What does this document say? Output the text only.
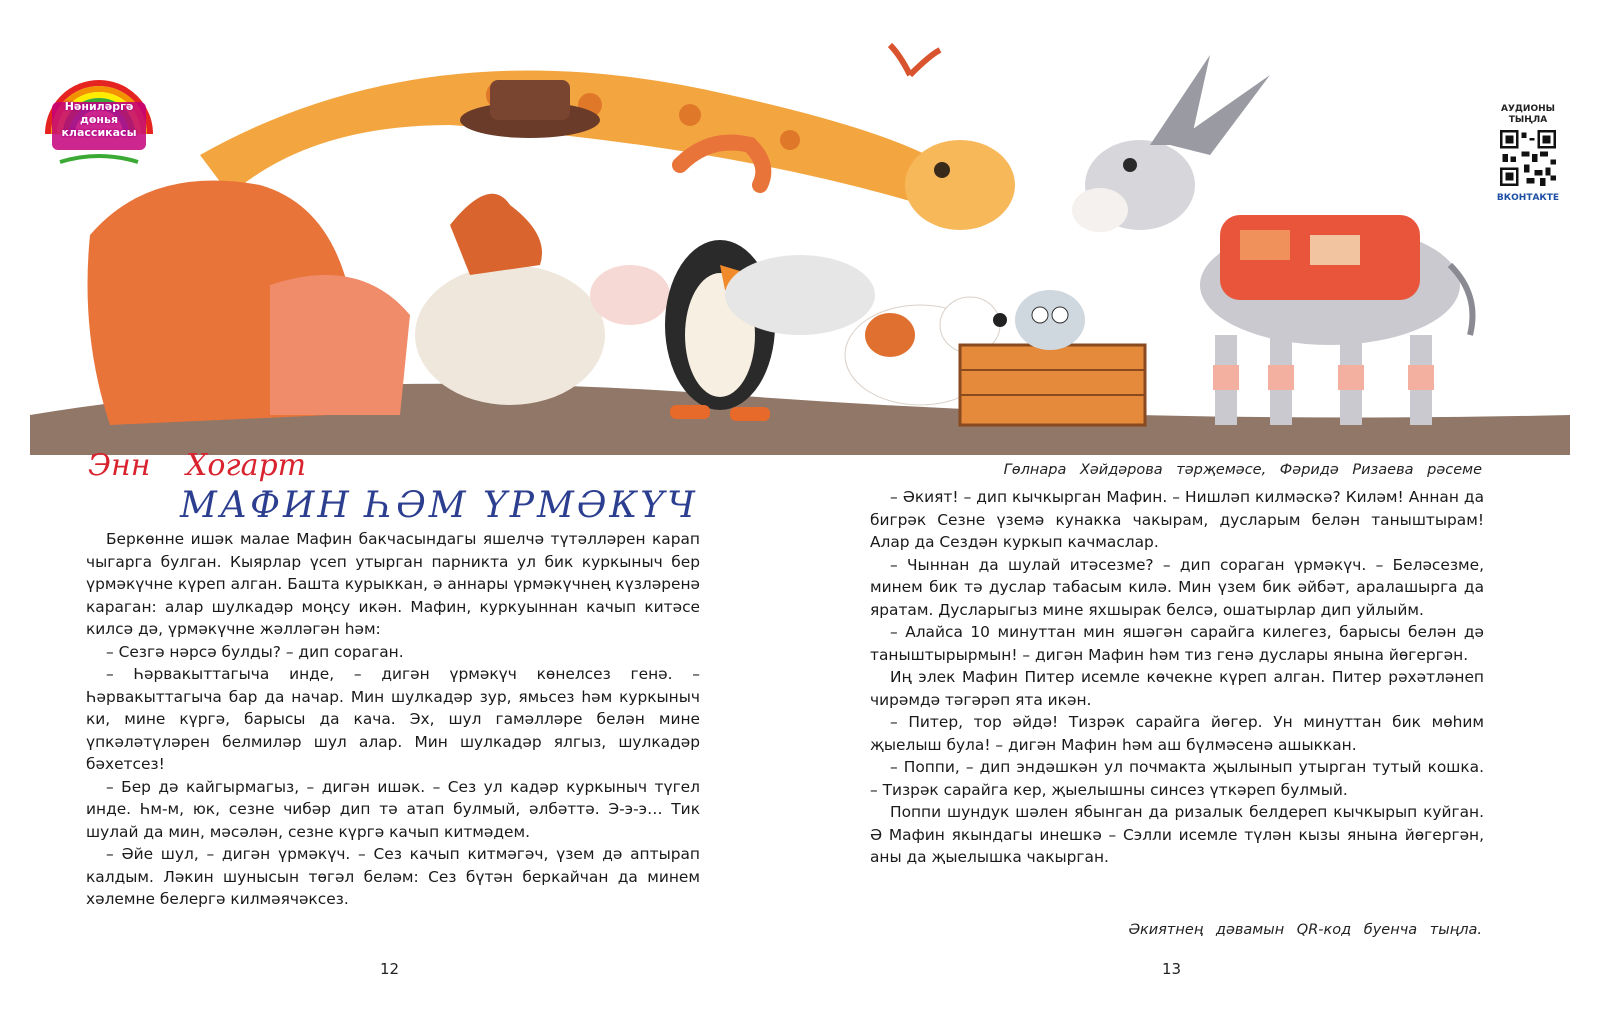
Нәниләргә
дөнья
классикасы
АУДИОНЫ
ТЫҢЛА
ВКОНТАКТЕ
Энн Хогарт	Гөлнара Хәйдәрова тәрҗемәсе, Фәридә Ризаева рәсеме
МАФИН ҺӘМ ҮРМӘКҮЧ

Беркөнне ишәк малае Мафин бакчасындагы яшелчә түтәлләрен карап чыгарга булган. Кыярлар үсеп утырган парникта ул бик куркыныч бер үрмәкүчне күреп алган. Башта курыккан, ә аннары үрмәкүчнең күзләренә караган: алар шулкадәр моңсу икән. Мафин, куркуыннан качып китәсе килсә дә, үрмәкүчне жәлләгән һәм:

– Сезгә нәрсә булды? – дип сораган.

– Һәрвакыттагыча инде, – дигән үрмәкүч көнелсез генә. – Һәрвакыттагыча бар да начар. Мин шулкадәр зур, ямьсез һәм куркыныч ки, мине күргә, барысы да кача. Эх, шул гамәлләре белән мине үпкәләтүләрен белмиләр шул алар. Мин шулкадәр ялгыз, шулкадәр бәхетсез!

– Бер дә кайгырмагыз, – дигән ишәк. – Сез ул кадәр куркыныч түгел инде. Һм-м, юк, сезне чибәр дип тә атап булмый, әлбәттә. Э-э-э… Тик шулай да мин, мәсәлән, сезне күргә качып китмәдем.

– Әйе шул, – дигән үрмәкүч. – Сез качып китмәгәч, үзем дә аптырап калдым. Ләкин шунысын төгәл беләм: Сез бүтән беркайчан да минем хәлемне белергә килмәячәксез.

– Әкият! – дип кычкырган Мафин. – Нишләп килмәскә? Киләм! Аннан да бигрәк Сезне үземә кунакка чакырам, дусларым белән таныштырам! Алар да Сездән куркып качмаслар.

– Чыннан да шулай итәсезме? – дип сораган үрмәкүч. – Беләсезме, минем бик тә дуслар табасым килә. Мин үзем бик әйбәт, аралашырга да яратам. Дусларыгыз мине яхшырак белсә, ошатырлар дип уйлыйм.

– Алайса 10 минуттан мин яшәгән сарайга килегез, барысы белән дә таныштырырмын! – дигән Мафин һәм тиз генә дуслары янына йөгергән.

Иң элек Мафин Питер исемле көчекне күреп алган. Питер рәхәтләнеп чирәмдә тәгәрәп ята икән.

– Питер, тор әйдә! Тизрәк сарайга йөгер. Ун минуттан бик мөһим җыелыш була! – дигән Мафин һәм аш бүлмәсенә ашыккан.

– Поппи, – дип эндәшкән ул почмакта җылынып утырган тутый кошка. – Тизрәк сарайга кер, җыелышны синсез үткәреп булмый.

Поппи шундук шәлен ябынган да ризалык белдереп кычкырып куйган. Ә Мафин якындагы инешкә – Сэлли исемле түлән кызы янына йөгергән, аны да җыелышка чакырган.

Әкиятнең дәвамын QR-код буенча тыңла.
12	13
